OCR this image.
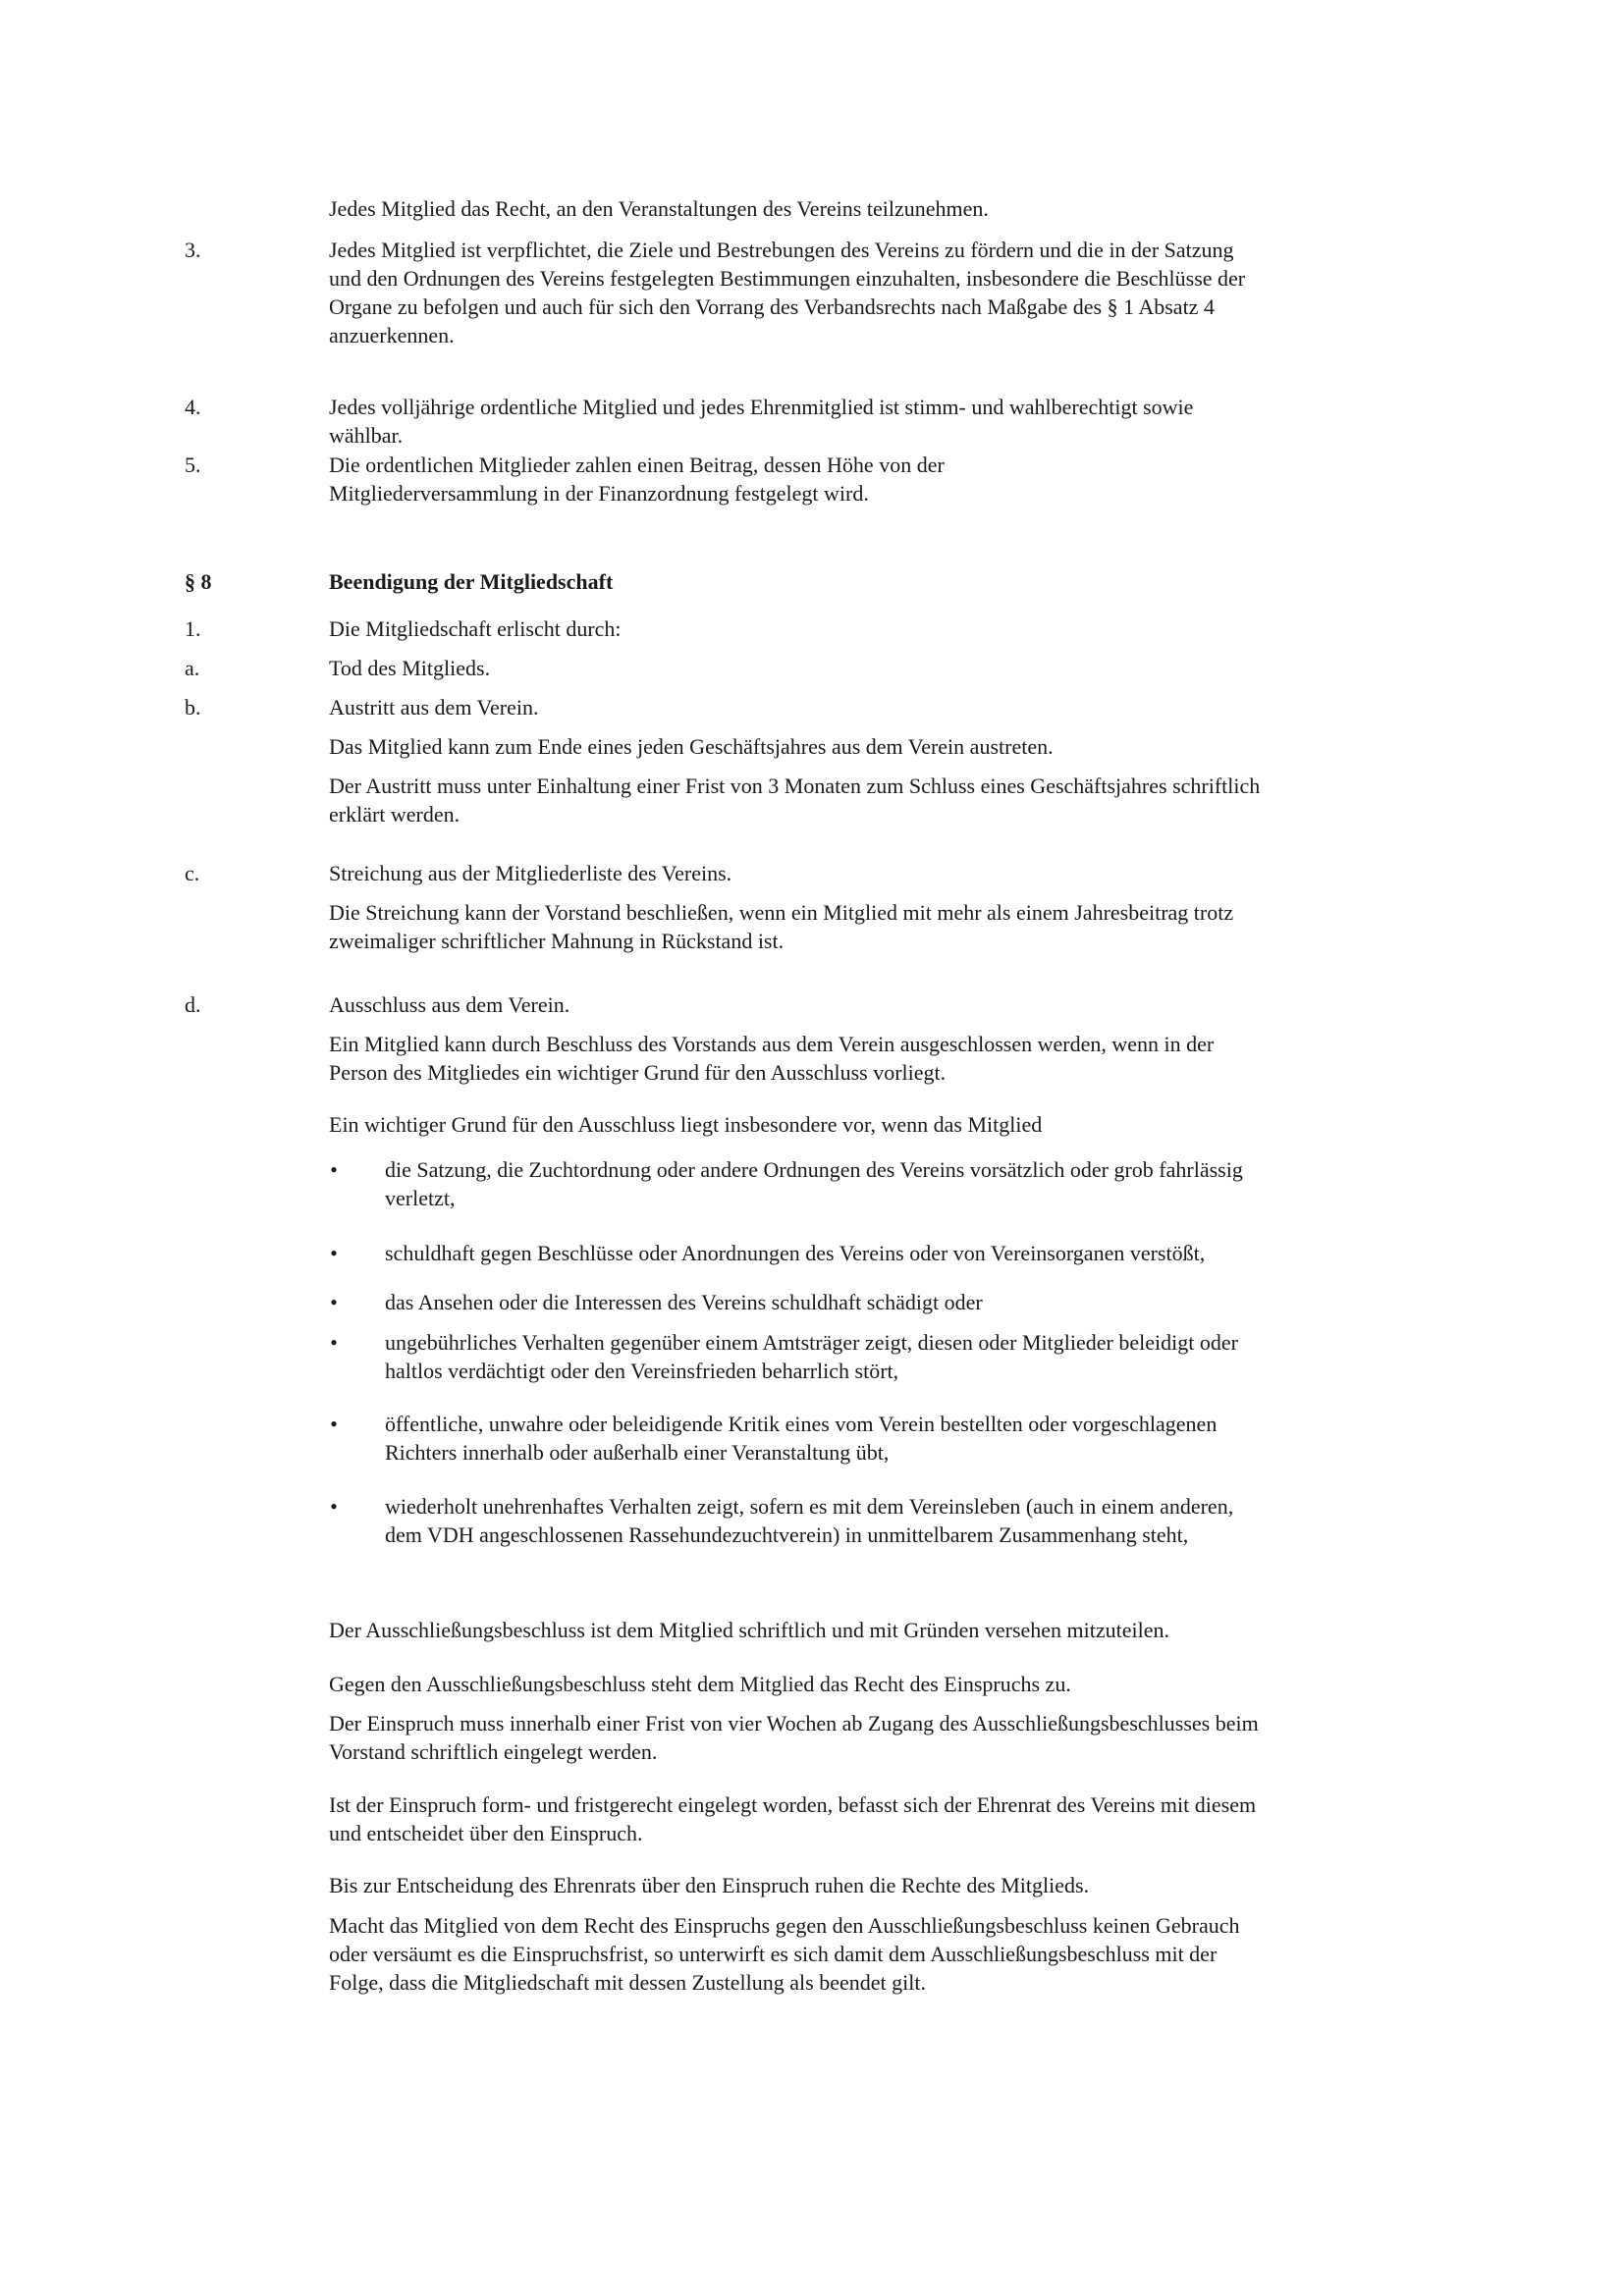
Jedes Mitglied das Recht, an den Veranstaltungen des Vereins teilzunehmen.
3.	Jedes Mitglied ist verpflichtet, die Ziele und Bestrebungen des Vereins zu fördern und die in der Satzung
und den Ordnungen des Vereins festgelegten Bestimmungen einzuhalten, insbesondere die Beschlüsse der
Organe zu befolgen und auch für sich den Vorrang des Verbandsrechts nach Maßgabe des § 1 Absatz 4
anzuerkennen.
4.	Jedes volljährige ordentliche Mitglied und jedes Ehrenmitglied ist stimm- und wahlberechtigt sowie
wählbar.
5.	Die ordentlichen Mitglieder zahlen einen Beitrag, dessen Höhe von der
Mitgliederversammlung in der Finanzordnung festgelegt wird.
§ 8	Beendigung der Mitgliedschaft
1.	Die Mitgliedschaft erlischt durch:
a.	Tod des Mitglieds.
b.	Austritt aus dem Verein.
Das Mitglied kann zum Ende eines jeden Geschäftsjahres aus dem Verein austreten.
Der Austritt muss unter Einhaltung einer Frist von 3 Monaten zum Schluss eines Geschäftsjahres schriftlich
erklärt werden.
c.	Streichung aus der Mitgliederliste des Vereins.
Die Streichung kann der Vorstand beschließen, wenn ein Mitglied mit mehr als einem Jahresbeitrag trotz
zweimaliger schriftlicher Mahnung in Rückstand ist.
d.	Ausschluss aus dem Verein.
Ein Mitglied kann durch Beschluss des Vorstands aus dem Verein ausgeschlossen werden, wenn in der
Person des Mitgliedes ein wichtiger Grund für den Ausschluss vorliegt.
Ein wichtiger Grund für den Ausschluss liegt insbesondere vor, wenn das Mitglied
• die Satzung, die Zuchtordnung oder andere Ordnungen des Vereins vorsätzlich oder grob fahrlässig
verletzt,
• schuldhaft gegen Beschlüsse oder Anordnungen des Vereins oder von Vereinsorganen verstößt,
• das Ansehen oder die Interessen des Vereins schuldhaft schädigt oder
• ungebührliches Verhalten gegenüber einem Amtsträger zeigt, diesen oder Mitglieder beleidigt oder
haltlos verdächtigt oder den Vereinsfrieden beharrlich stört,
• öffentliche, unwahre oder beleidigende Kritik eines vom Verein bestellten oder vorgeschlagenen
Richters innerhalb oder außerhalb einer Veranstaltung übt,
• wiederholt unehrenhaftes Verhalten zeigt, sofern es mit dem Vereinsleben (auch in einem anderen,
dem VDH angeschlossenen Rassehundezuchtverein) in unmittelbarem Zusammenhang steht,
Der Ausschließungsbeschluss ist dem Mitglied schriftlich und mit Gründen versehen mitzuteilen.
Gegen den Ausschließungsbeschluss steht dem Mitglied das Recht des Einspruchs zu.
Der Einspruch muss innerhalb einer Frist von vier Wochen ab Zugang des Ausschließungsbeschlusses beim
Vorstand schriftlich eingelegt werden.
Ist der Einspruch form- und fristgerecht eingelegt worden, befasst sich der Ehrenrat des Vereins mit diesem
und entscheidet über den Einspruch.
Bis zur Entscheidung des Ehrenrats über den Einspruch ruhen die Rechte des Mitglieds.
Macht das Mitglied von dem Recht des Einspruchs gegen den Ausschließungsbeschluss keinen Gebrauch
oder versäumt es die Einspruchsfrist, so unterwirft es sich damit dem Ausschließungsbeschluss mit der
Folge, dass die Mitgliedschaft mit dessen Zustellung als beendet gilt.
